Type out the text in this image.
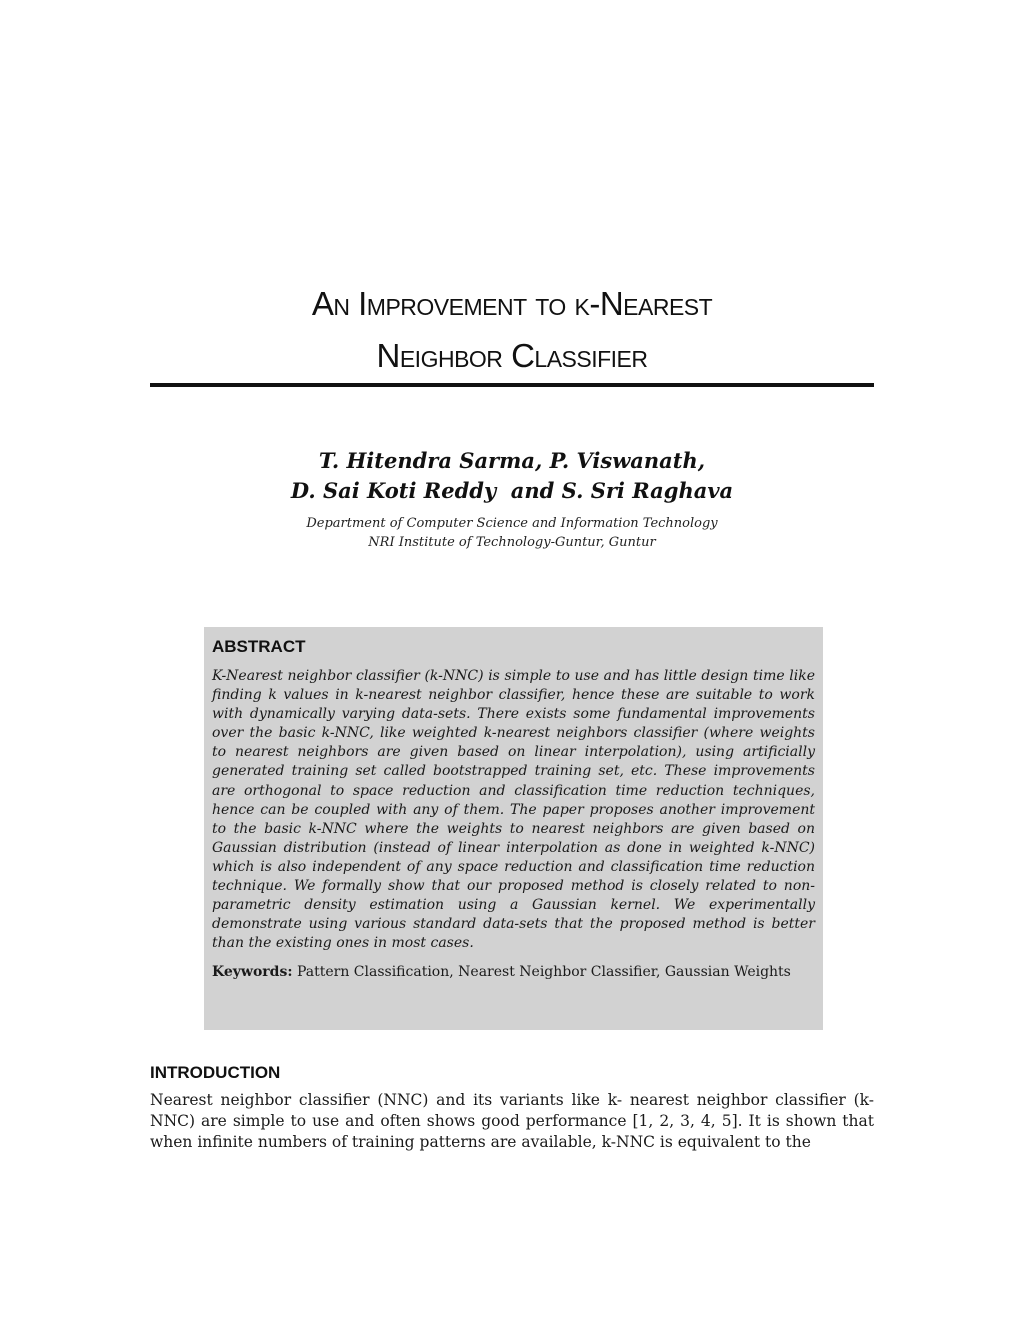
An Improvement to k-Nearest
Neighbor Classifier
T. Hitendra Sarma, P. Viswanath,
D. Sai Koti Reddy  and S. Sri Raghava
Department of Computer Science and Information Technology
NRI Institute of Technology-Guntur, Guntur
ABSTRACT

K-Nearest neighbor classifier (k-NNC) is simple to use and has little design time like finding k values in k-nearest neighbor classifier, hence these are suitable to work with dynamically varying data-sets. There exists some fundamental improvements over the basic k-NNC, like weighted k-nearest neighbors classifier (where weights to nearest neighbors are given based on linear interpolation), using artificially generated training set called bootstrapped training set, etc. These improvements are orthogonal to space reduction and classification time reduction techniques, hence can be coupled with any of them. The paper proposes another improvement to the basic k-NNC where the weights to nearest neighbors are given based on Gaussian distribution (instead of linear interpolation as done in weighted k-NNC) which is also independent of any space reduction and classification time reduction technique. We formally show that our proposed method is closely related to non-parametric density estimation using a Gaussian kernel. We experimentally demonstrate using various standard data-sets that the proposed method is better than the existing ones in most cases.

Keywords: Pattern Classification, Nearest Neighbor Classifier, Gaussian Weights
INTRODUCTION

Nearest neighbor classifier (NNC) and its variants like k- nearest neighbor classifier (k-NNC) are simple to use and often shows good performance [1, 2, 3, 4, 5]. It is shown that when infinite numbers of training patterns are available, k-NNC is equivalent to the
